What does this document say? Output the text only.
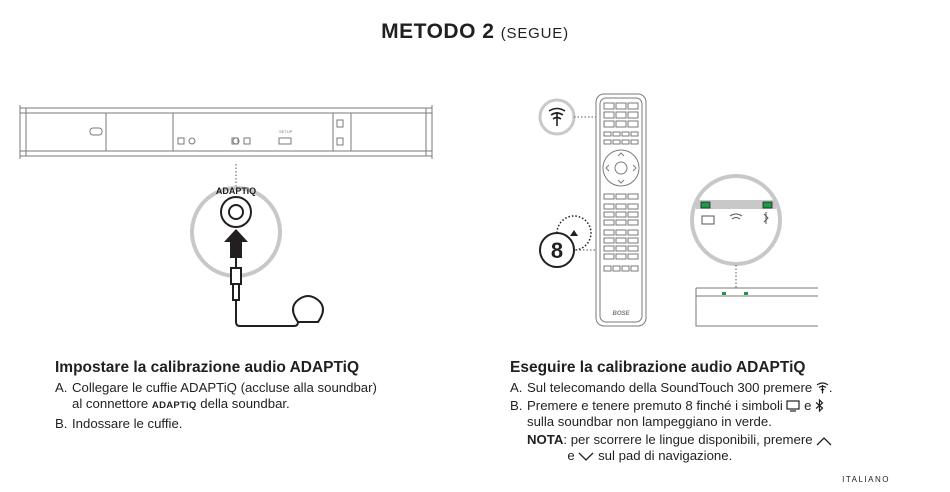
METODO 2 (SEGUE)
SETUP
ADAPTiQ
8
BOSE
Impostare la calibrazione audio ADAPTiQ
A. Collegare le cuffie ADAPTiQ (accluse alla soundbar)
al connettore ADAPTiQ della soundbar.
B. Indossare le cuffie.
Eseguire la calibrazione audio ADAPTiQ
A. Sul telecomando della SoundTouch 300 premere .
B. Premere e tenere premuto 8 finché i simboli e
sulla soundbar non lampeggiano in verde.
NOTA : per scorrere le lingue disponibili, premere
e sul pad di navigazione.
ITALIANO
